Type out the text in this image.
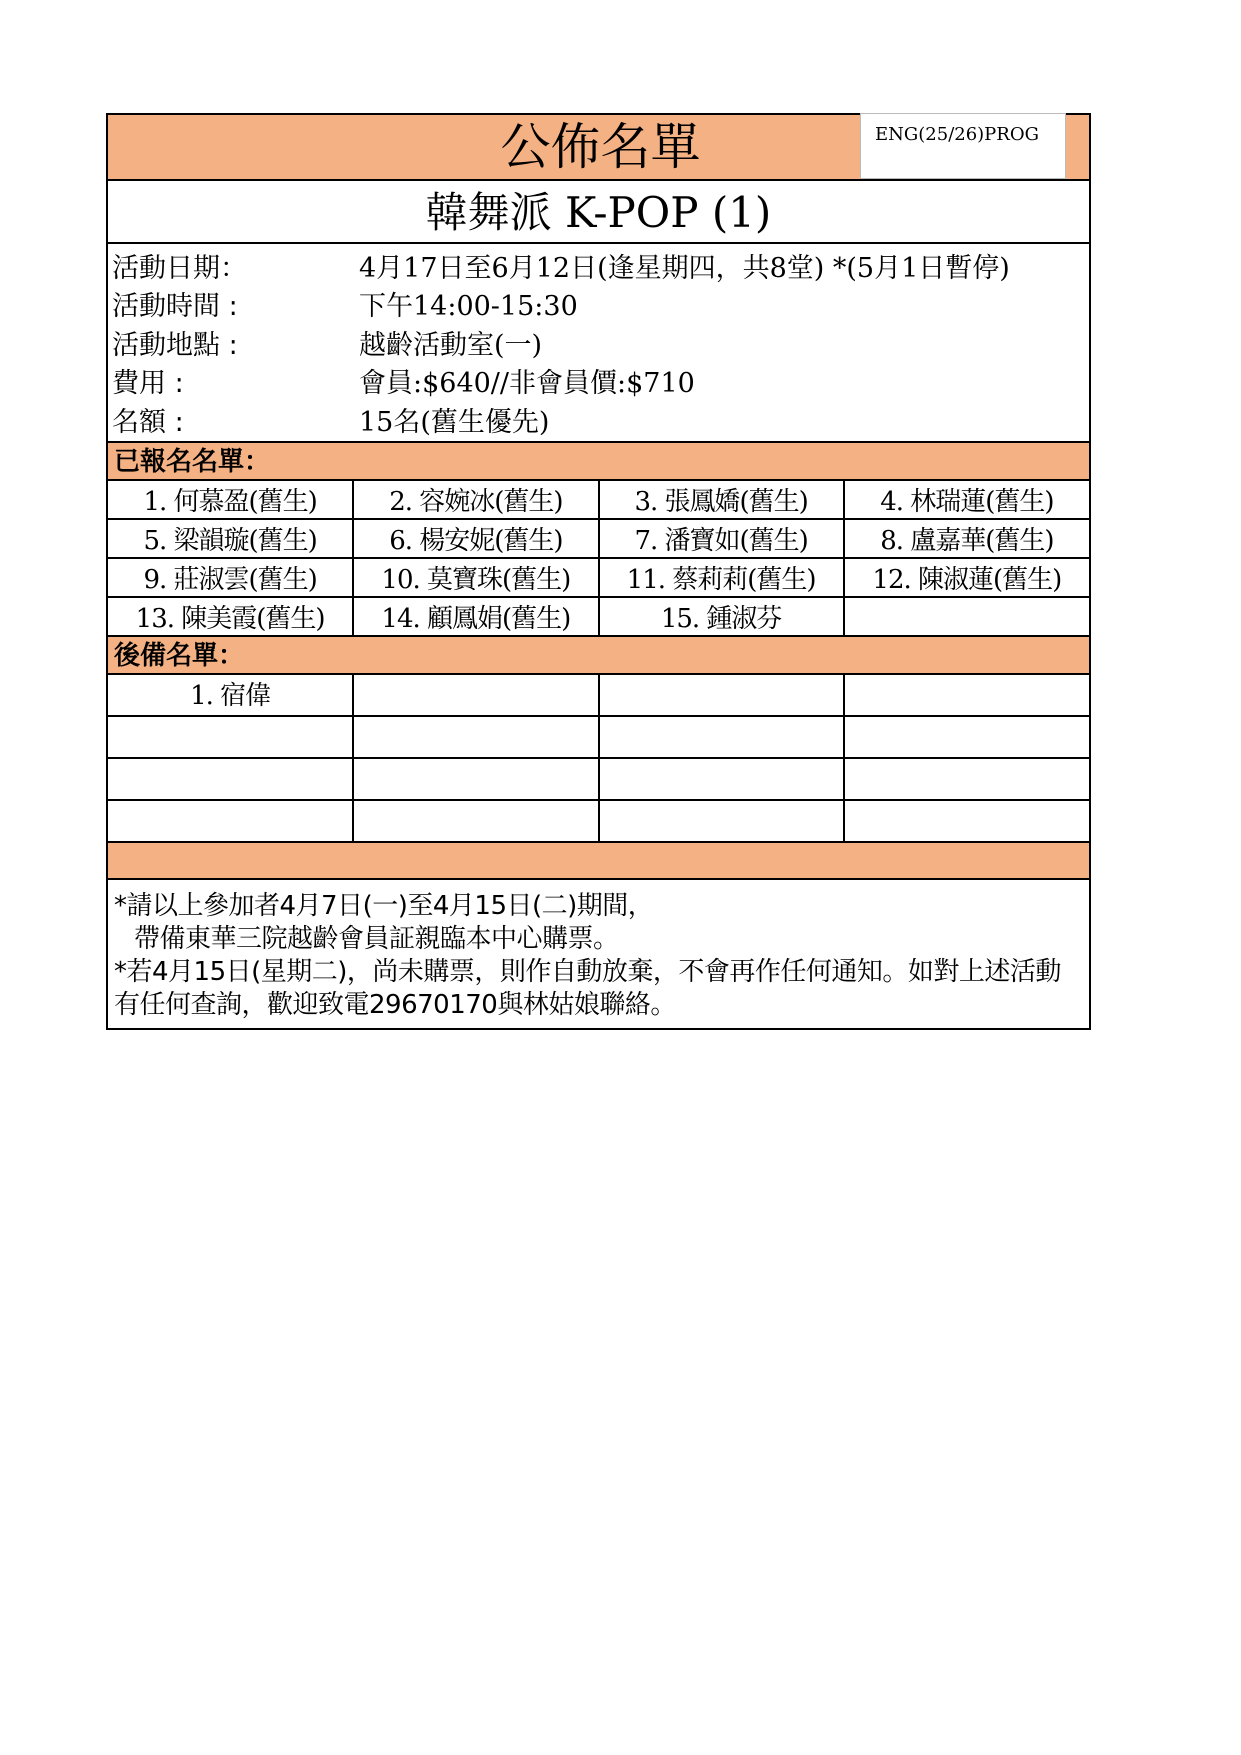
公佈名單	ENG(25/26)PROG
韓舞派 K-POP (1)
活動日期：	4月17日至6月12日(逢星期四，共8堂) *(5月1日暫停)
活動時間 :	下午14:00-15:30
活動地點 :	越齡活動室(一)
費用 :	會員:$640//非會員價:$710
名額 :	15名(舊生優先)
已報名名單：
1. 何慕盈(舊生)	2. 容婉冰(舊生)	3. 張鳳嬌(舊生)	4. 林瑞蓮(舊生)
5. 梁韻璇(舊生)	6. 楊安妮(舊生)	7. 潘寶如(舊生)	8. 盧嘉華(舊生)
9. 莊淑雲(舊生)	10. 莫寶珠(舊生)	11. 蔡莉莉(舊生)	12. 陳淑蓮(舊生)
13. 陳美霞(舊生)	14. 顧鳳娟(舊生)	15. 鍾淑芬	
後備名單：
1. 宿偉			

*請以上參加者4月7日(一)至4月15日(二)期間，

帶備東華三院越齡會員証親臨本中心購票。

*若4月15日(星期二)，尚未購票，則作自動放棄，不會再作任何通知。如對上述活動有任何查詢，歡迎致電29670170與林姑娘聯絡。
